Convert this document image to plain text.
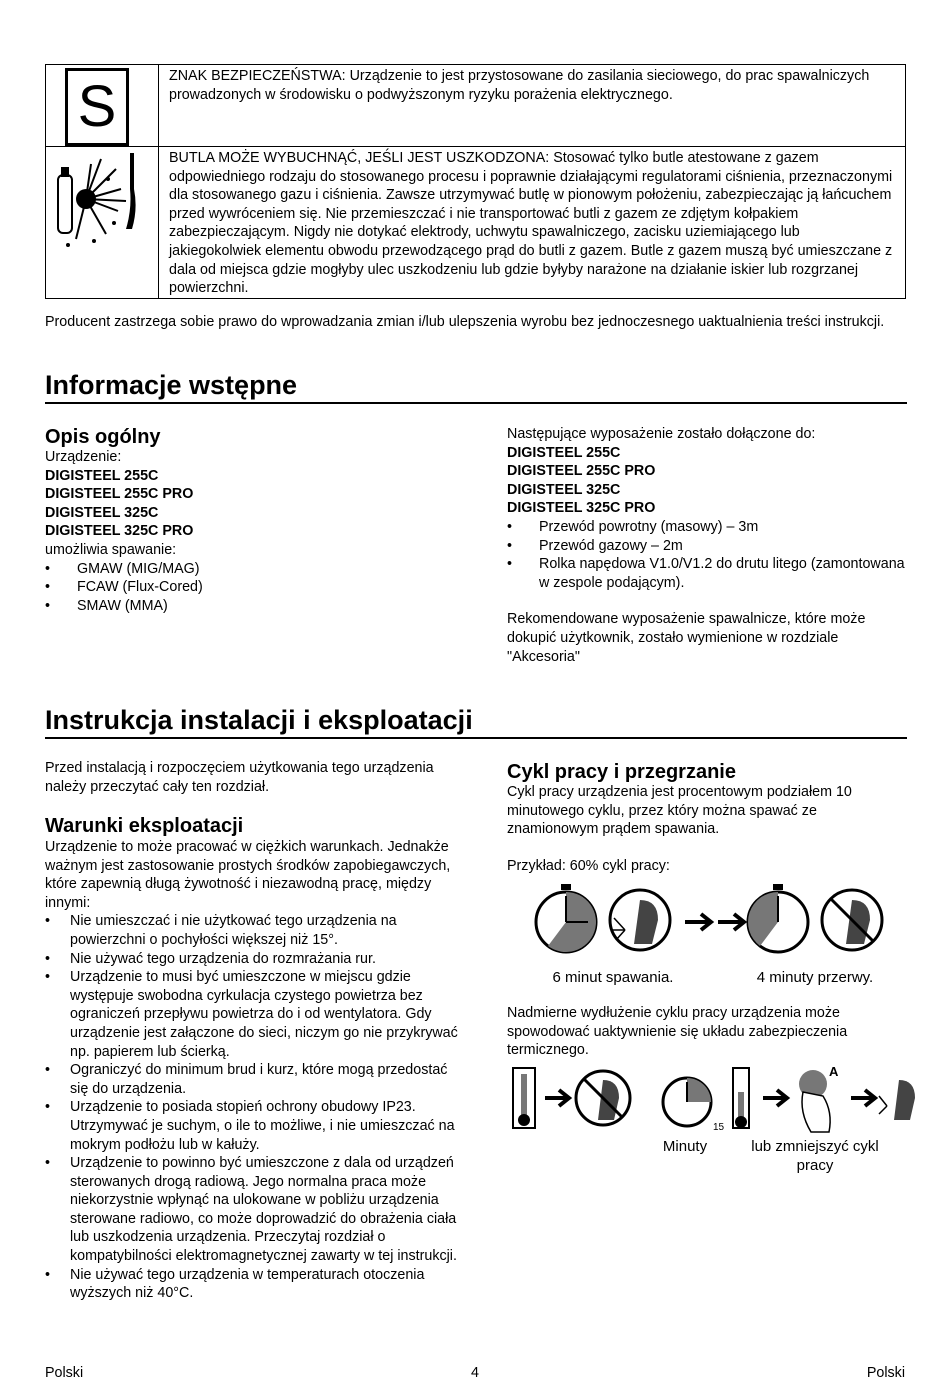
S	ZNAK BEZPIECZEŃSTWA: Urządzenie to jest przystosowane do zasilania sieciowego, do prac spawalniczych prowadzonych w środowisku o podwyższonym ryzyku porażenia elektrycznego.

	BUTLA MOŻE WYBUCHNĄĆ, JEŚLI JEST USZKODZONA: Stosować tylko butle atestowane z gazem odpowiedniego rodzaju do stosowanego procesu i poprawnie działającymi regulatorami ciśnienia, przeznaczonymi dla stosowanego gazu i ciśnienia. Zawsze utrzymywać butlę w pionowym położeniu, zabezpieczając ją łańcuchem przed wywróceniem się. Nie przemieszczać i nie transportować butli z gazem ze zdjętym kołpakiem zabezpieczającym. Nigdy nie dotykać elektrody, uchwytu spawalniczego, zacisku uziemiającego lub jakiegokolwiek elementu obwodu przewodzącego prąd do butli z gazem. Butle z gazem muszą być umieszczane z dala od miejsca gdzie mogłyby ulec uszkodzeniu lub gdzie byłyby narażone na działanie iskier lub rozgrzanej powierzchni.
Producent zastrzega sobie prawo do wprowadzania zmian i/lub ulepszenia wyrobu bez jednoczesnego uaktualnienia treści instrukcji.
Informacje wstępne
Opis ogólny
Urządzenie:
DIGISTEEL 255C
DIGISTEEL 255C PRO
DIGISTEEL 325C
DIGISTEEL 325C PRO
umożliwia spawanie:
• GMAW (MIG/MAG)
• FCAW (Flux-Cored)
• SMAW (MMA)
Następujące wyposażenie zostało dołączone do:
DIGISTEEL 255C
DIGISTEEL 255C PRO
DIGISTEEL 325C
DIGISTEEL 325C PRO
• Przewód powrotny (masowy) – 3m
• Przewód gazowy – 2m
• Rolka napędowa V1.0/V1.2 do drutu litego (zamontowana w zespole podającym).
Rekomendowane wyposażenie spawalnicze, które może dokupić użytkownik, zostało wymienione w rozdziale "Akcesoria"
Instrukcja instalacji i eksploatacji
Przed instalacją i rozpoczęciem użytkowania tego urządzenia należy przeczytać cały ten rozdział.
Warunki eksploatacji
Urządzenie to może pracować w ciężkich warunkach. Jednakże ważnym jest zastosowanie prostych środków zapobiegawczych, które zapewnią długą żywotność i niezawodną pracę, między innymi:
• Nie umieszczać i nie użytkować tego urządzenia na powierzchni o pochyłości większej niż 15°.
• Nie używać tego urządzenia do rozmrażania rur.
• Urządzenie to musi być umieszczone w miejscu gdzie występuje swobodna cyrkulacja czystego powietrza bez ograniczeń przepływu powietrza do i od wentylatora. Gdy urządzenie jest załączone do sieci, niczym go nie przykrywać np. papierem lub ścierką.
• Ograniczyć do minimum brud i kurz, które mogą przedostać się do urządzenia.
• Urządzenie to posiada stopień ochrony obudowy IP23. Utrzymywać je suchym, o ile to możliwe, i nie umieszczać na mokrym podłożu lub w kałuży.
• Urządzenie to powinno być umieszczone z dala od urządzeń sterowanych drogą radiową. Jego normalna praca może niekorzystnie wpłynąć na ulokowane w pobliżu urządzenia sterowane radiowo, co może doprowadzić do obrażenia ciała lub uszkodzenia urządzenia. Przeczytaj rozdział o kompatybilności elektromagnetycznej zawarty w tej instrukcji.
• Nie używać tego urządzenia w temperaturach otoczenia wyższych niż 40°C.
Cykl pracy i przegrzanie
Cykl pracy urządzenia jest procentowym podziałem 10 minutowego cyklu, przez który można spawać ze znamionowym prądem spawania.
Przykład: 60% cykl pracy:
6 minut spawania.	4 minuty przerwy.
Nadmierne wydłużenie cyklu pracy urządzenia może spowodować uaktywnienie się układu zabezpieczenia termicznego.
15
A
Minuty	lub zmniejszyć cykl pracy
Polski	4	Polski
